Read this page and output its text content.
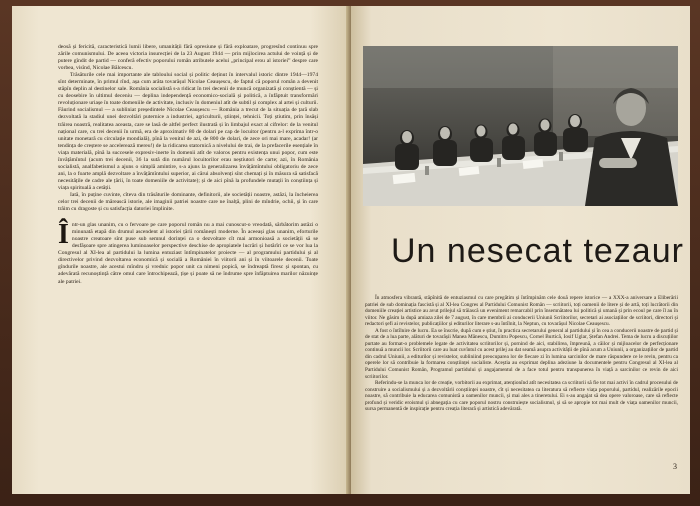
deosă și fericită, caracteristică lumii libere, umanității fără opresiune și fără exploatare, progresînd continuu spre zările comunismului. De aceea victoria insurecției de la 23 August 1944 — prin mijlocirea actului de voință și de putere gîndit de partid — conferă efectiv poporului român atributele acelui „principal erou al istoriei” despre care vorbea, visînd, Nicolae Bălcescu.

Trăsăturile cele mai importante ale tabloului social și politic deținut în intervalul istoric dintre 1944—1974 sînt determinate, în primul rînd, așa cum arăta tovarășul Nicolae Ceaușescu, de faptul că poporul român a devenit stăpîn deplin al destinelor sale. România socialistă s-a ridicat în trei decenii de muncă organizată și conștientă — și cu deosebire în ultimul deceniu — deplina independență economico-socială și politică, a înfăptuit transformări revoluționare uriașe în toate domeniile de activitate, inclusiv în domeniul atît de subtil și complex al artei și culturii. Făurind socialismul — a subliniat președintele Nicolae Ceaușescu — România a trecut de la situația de țară slab dezvoltată la stadiul unei dezvoltări puternice a industriei, agriculturii, științei, tehnicii. Toți știutim, prin însăși trăirea noastră, realitatea aceasta, care se lasă de altfel perfect ilustrată și în limbajul exact al cifrelor: de la venitul național care, cu trei decenii în urmă, era de aproximativ 80 de dolari pe cap de locuitor (pentru a-l exprima într-o unitate monetară cu circulație mondială), pînă la venitul de azi, de 800 de dolari, de zece ori mai mare, acadar! (ar tendința de creștere se accelerează mereu!) de la ridicarea statornică a nivelului de trai, de la prefacerile esențiale în viața materială, pînă la succesele expresiv-inerte în domenii atît de valoros pentru existența unui popor, cum este învățămîntul (acum trei decenii, 36 la sută din numărul locuitorilor erau neștiutori de carte; azi, în România socialistă, analfabetismul a ajuns o simplă amintire, s-a ajuns la generalizarea învățămîntului obligatoriu de zece ani, la o foarte amplă dezvoltare a învățămîntului superior, ai cărui absolvenți sînt chemați și în măsura să satisfacă necesitățile de cadre ale țării, în toate domeniile de activitate); și de aici pînă la profundele mutații în conștiința și viața spirituală a cetății.

Iată, în puține cuvinte, cîteva din trăsăturile dominante, definitorii, ale societății noastre, astăzi, la încheierea celor trei decenii de mărească istorie, ale imaginii patriei noastre care ne înalță, plini de mîndrie, ochii, și în care trăim cu dragoste și cu satisfacția datoriei împlinite.

Într-un glas unanim, cu o fervoare pe care poporul român nu a mai cunoscut-o vreodată, sărbătorim astăzi o minunată etapă din drumul ascendent al istoriei țării românești moderne. În aceeași glas unanim, eforturile noastre creatoare sînt puse sub semnul dorinței ca o dezvoltare cît mai armonioasă a societății să se desfășoare spre atingerea luminoaselor perspective deschise de apropiatele lucrări și hotărîri ce se vor lua la Congresul al XI-lea al partidului la lumina entuziast întîmpinatelor proiecte — al programului partidului și al directivelor privind dezvoltarea economică și socială a României în viitorii ani și în viitoarele decenii. Toate gîndurile noastre, ale acestui mîndru și vrednic popor unit ca nimeni popică, se îndreaptă firesc și spontan, cu adevărată recunoștință către omul care întrochipează, țișe și poate să ne îndrume spre înfăptuirea marilor năzuințe ale patriei.

Un nesecat tezaur

În atmosfera vibrantă, stăpînită de entuziasmul cu care pregătim și întîmpinăm cele două repere istorice — a XXX-a aniversare a Eliberării patriei de sub dominația fascistă și al XI-lea Congres al Partidului Comunist Român — scriitorii, toți oamenii de litere și de artă, toți lucrătorii din domeniile creației artistice au avut prilejul să trăiască un eveniment remarcabil prin însemnătatea lui politică și umană și prin ecoul pe care îl au în viitor. Ne găsim la după amiaza zilei de 7 august, în care membrii ai conducerii Uniunii Scriitorilor, secretari ai asociațiilor de scriitori, directori și redactori șefi ai revistelor, publicațiilor și editurilor literare s-au întîlnit, la Neptun, cu tovarășul Nicolae Ceaușescu.

A fost o întîlnire de lucru. Ea se înscrie, după cum e știut, în practica secretarului general al partidului și în cea a conducerii noastre de partid și de stat de a lua parte, alături de tovarășii Manea Mănescu, Dumitru Popescu, Cornel Burtică, Iosif Uglar, Ștefan Andrei. Tema de lucru a discuțiilor purtate au format-o problemele legate de activitatea scriitorilor și, pornind de aici, stabilirea, împreună, a căilor și mijloacelor de perfecționare continuă a muncii lor. Scriitorii care au luat cuvîntul cu acest prilej au dat seamă asupra activității de pînă acum a Uniunii, a organizațiilor de partid din cadrul Uniunii, a editurilor și revistelor, subliniind preocuparea lor de fiecare zi în lumina sarcinilor de mare răspundere ce le revin, pentru ca operele lor să contribuie la formarea conștiinței socialiste. Aceștia au exprimat deplina adeziune la documentele pentru Congresul al XI-lea al Partidului Comunist Român, Programul partidului și angajamentul de a face totul pentru transpunerea în viață a sarcinilor ce revin de aici scriitorilor.

Referindu-se la munca lor de creație, vorbitorii au exprimat, atenționînd atît necesitatea ca scriitorii să fie tot mai activi în cadrul procesului de construire a socialismului și a dezvoltării conștiinței noastre, cît și necesitatea ca literatura să reflecte viața poporului, partidul, realizările epocii noastre, să contribuie la educarea comunistă a oamenilor muncii, și mai ales a tineretului. Ei s-au angajat să dea opere valoroase, care să reflecte profund și veridic eroismul și abnegația cu care poporul nostru construiește socialismul, și să se apropie tot mai mult de viața oamenilor muncii, sursa permanentă de inspirație pentru creația literară și artistică adevărată.

3
